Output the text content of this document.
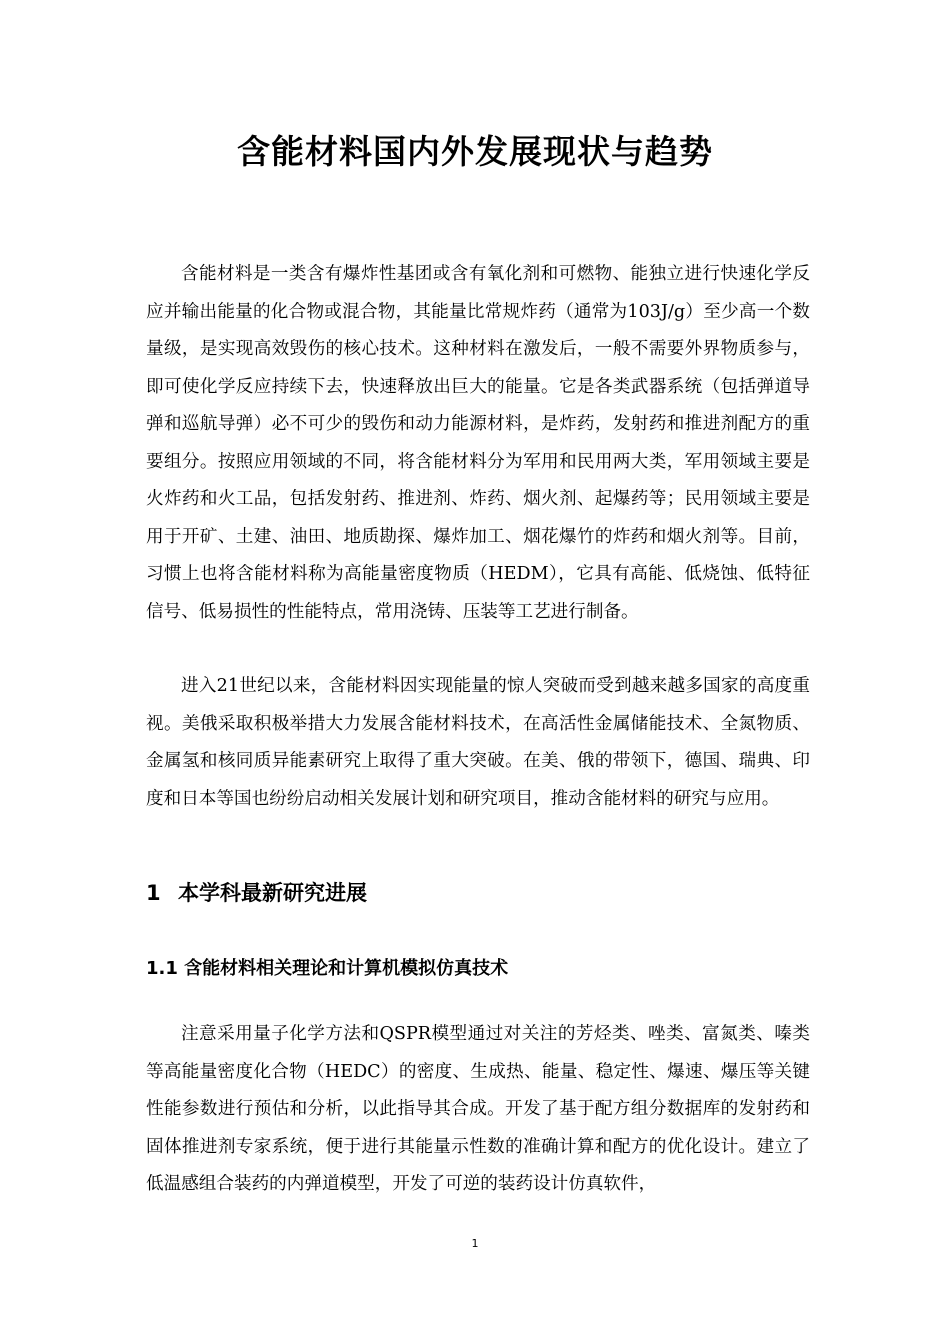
含能材料国内外发展现状与趋势

含能材料是一类含有爆炸性基团或含有氧化剂和可燃物、能独立进行快速化学反应并输出能量的化合物或混合物，其能量比常规炸药（通常为103J/g）至少高一个数量级，是实现高效毁伤的核心技术。这种材料在激发后，一般不需要外界物质参与，即可使化学反应持续下去，快速释放出巨大的能量。它是各类武器系统（包括弹道导弹和巡航导弹）必不可少的毁伤和动力能源材料，是炸药，发射药和推进剂配方的重要组分。按照应用领域的不同，将含能材料分为军用和民用两大类，军用领域主要是火炸药和火工品，包括发射药、推进剂、炸药、烟火剂、起爆药等；民用领域主要是用于开矿、土建、油田、地质勘探、爆炸加工、烟花爆竹的炸药和烟火剂等。目前，习惯上也将含能材料称为高能量密度物质（HEDM），它具有高能、低烧蚀、低特征信号、低易损性的性能特点，常用浇铸、压装等工艺进行制备。

进入21世纪以来，含能材料因实现能量的惊人突破而受到越来越多国家的高度重视。美俄采取积极举措大力发展含能材料技术，在高活性金属储能技术、全氮物质、金属氢和核同质异能素研究上取得了重大突破。在美、俄的带领下，德国、瑞典、印度和日本等国也纷纷启动相关发展计划和研究项目，推动含能材料的研究与应用。

1 本学科最新研究进展
1.1 含能材料相关理论和计算机模拟仿真技术

注意采用量子化学方法和QSPR模型通过对关注的芳烃类、唑类、富氮类、嗪类等高能量密度化合物（HEDC）的密度、生成热、能量、稳定性、爆速、爆压等关键性能参数进行预估和分析，以此指导其合成。开发了基于配方组分数据库的发射药和固体推进剂专家系统，便于进行其能量示性数的准确计算和配方的优化设计。建立了低温感组合装药的内弹道模型，开发了可逆的装药设计仿真软件，

1
